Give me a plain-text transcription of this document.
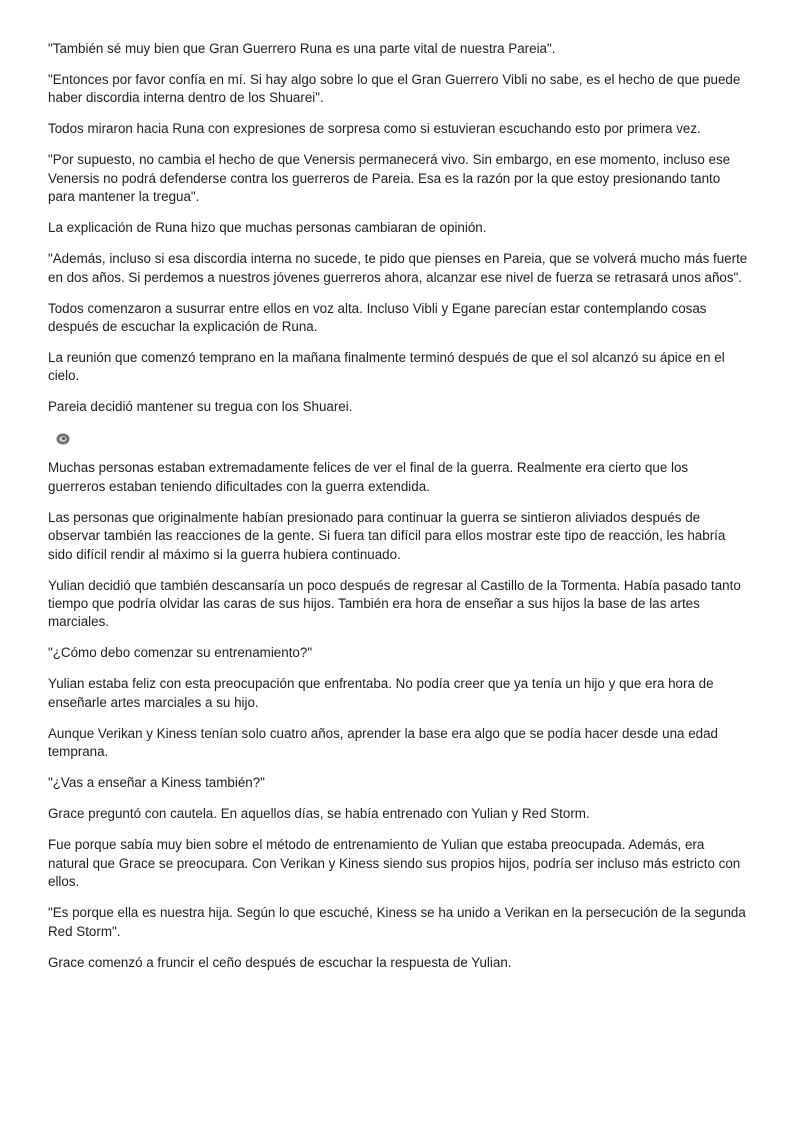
"También sé muy bien que Gran Guerrero Runa es una parte vital de nuestra Pareia".

"Entonces por favor confía en mí. Si hay algo sobre lo que el Gran Guerrero Vibli no sabe, es el hecho de que puede haber discordia interna dentro de los Shuarei".

Todos miraron hacia Runa con expresiones de sorpresa como si estuvieran escuchando esto por primera vez.

"Por supuesto, no cambia el hecho de que Venersis permanecerá vivo. Sin embargo, en ese momento, incluso ese Venersis no podrá defenderse contra los guerreros de Pareia. Esa es la razón por la que estoy presionando tanto para mantener la tregua".

La explicación de Runa hizo que muchas personas cambiaran de opinión.

"Además, incluso si esa discordia interna no sucede, te pido que pienses en Pareia, que se volverá mucho más fuerte en dos años. Si perdemos a nuestros jóvenes guerreros ahora, alcanzar ese nivel de fuerza se retrasará unos años".

Todos comenzaron a susurrar entre ellos en voz alta. Incluso Vibli y Egane parecían estar contemplando cosas después de escuchar la explicación de Runa.

La reunión que comenzó temprano en la mañana finalmente terminó después de que el sol alcanzó su ápice en el cielo.

Pareia decidió mantener su tregua con los Shuarei.

Muchas personas estaban extremadamente felices de ver el final de la guerra. Realmente era cierto que los guerreros estaban teniendo dificultades con la guerra extendida.

Las personas que originalmente habían presionado para continuar la guerra se sintieron aliviados después de observar también las reacciones de la gente. Si fuera tan difícil para ellos mostrar este tipo de reacción, les habría sido difícil rendir al máximo si la guerra hubiera continuado.

Yulian decidió que también descansaría un poco después de regresar al Castillo de la Tormenta. Había pasado tanto tiempo que podría olvidar las caras de sus hijos. También era hora de enseñar a sus hijos la base de las artes marciales.

"¿Cómo debo comenzar su entrenamiento?"

Yulian estaba feliz con esta preocupación que enfrentaba. No podía creer que ya tenía un hijo y que era hora de enseñarle artes marciales a su hijo.

Aunque Verikan y Kiness tenían solo cuatro años, aprender la base era algo que se podía hacer desde una edad temprana.

"¿Vas a enseñar a Kiness también?"

Grace preguntó con cautela. En aquellos días, se había entrenado con Yulian y Red Storm.

Fue porque sabía muy bien sobre el método de entrenamiento de Yulian que estaba preocupada. Además, era natural que Grace se preocupara. Con Verikan y Kiness siendo sus propios hijos, podría ser incluso más estricto con ellos.

"Es porque ella es nuestra hija. Según lo que escuché, Kiness se ha unido a Verikan en la persecución de la segunda Red Storm".

Grace comenzó a fruncir el ceño después de escuchar la respuesta de Yulian.
